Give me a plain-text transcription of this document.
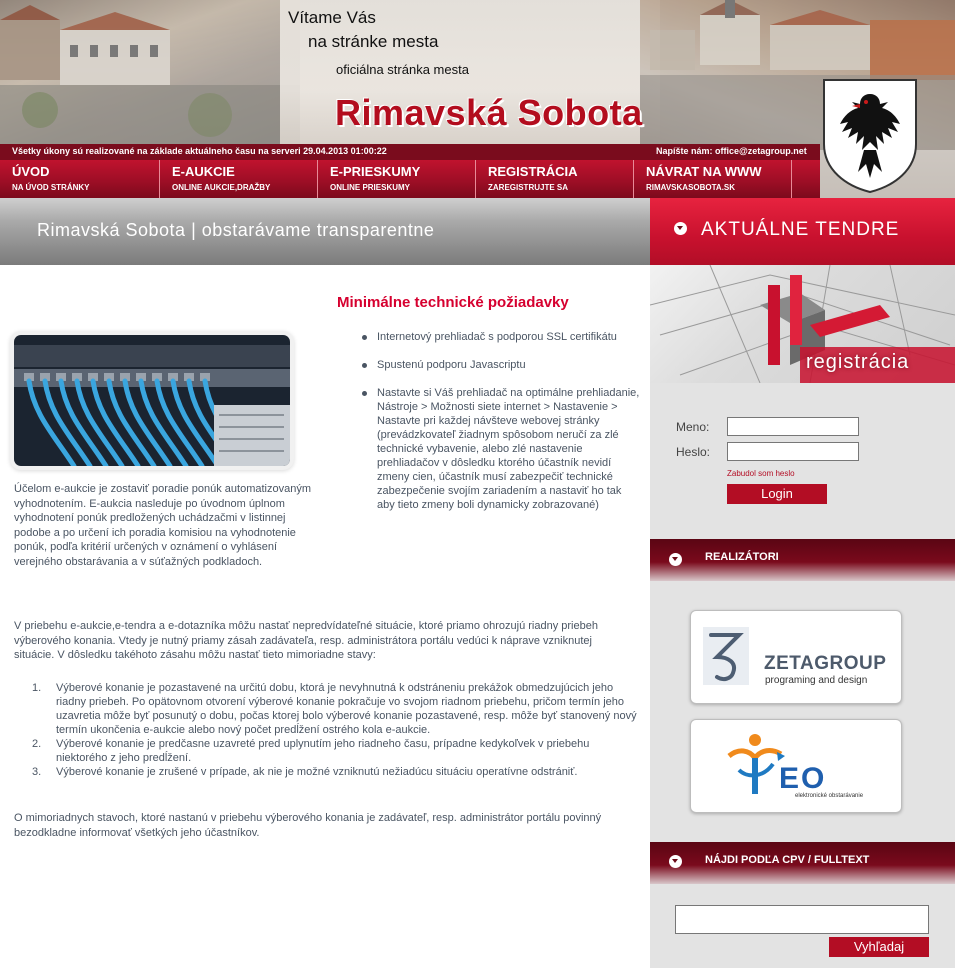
Vítame Vás
na stránke mesta
oficiálna stránka mesta
Rimavská Sobota
Všetky úkony sú realizované na základe aktuálneho času na serveri 29.04.2013 01:00:22	Napíšte nám: office@zetagroup.net
ÚVOD
NA ÚVOD STRÁNKY
E-AUKCIE
ONLINE AUKCIE,DRAŽBY
E-PRIESKUMY
ONLINE PRIESKUMY
REGISTRÁCIA
ZAREGISTRUJTE SA
NÁVRAT NA WWW
RIMAVSKASOBOTA.SK
Rimavská Sobota | obstarávame transparentne	AKTUÁLNE TENDRE
registrácia
Meno:
Heslo:
Zabudol som heslo
Login
REALIZÁTORI
ZETAGROUP
programing and design
EO
elektronické obstarávanie
NÁJDI PODĽA CPV / FULLTEXT
Vyhľadaj
Účelom e-aukcie je zostaviť poradie ponúk automatizovaným vyhodnotením. E-aukcia nasleduje po úvodnom úplnom vyhodnotení ponúk predložených uchádzačmi v listinnej podobe a po určení ich poradia komisiou na vyhodnotenie ponúk, podľa kritérií určených v oznámení o vyhlásení verejného obstarávania a v súťažných podkladoch.
Minimálne technické požiadavky
Internetový prehliadač s podporou SSL certifikátu
Spustenú podporu Javascriptu
Nastavte si Váš prehliadač na optimálne prehliadanie, Nástroje > Možnosti siete internet > Nastavenie > Nastavte pri každej návšteve webovej stránky (prevádzkovateľ žiadnym spôsobom neručí za zlé technické vybavenie, alebo zlé nastavenie prehliadačov v dôsledku ktorého účastník nevidí zmeny cien, účastník musí zabezpečiť technické zabezpečenie svojím zariadením a nastaviť ho tak aby tieto zmeny boli dynamicky zobrazované)
V priebehu e-aukcie,e-tendra a e-dotazníka môžu nastať nepredvídateľné situácie, ktoré priamo ohrozujú riadny priebeh výberového konania. Vtedy je nutný priamy zásah zadávateľa, resp. administrátora portálu vedúci k náprave vzniknutej situácie. V dôsledku takéhoto zásahu môžu nastať tieto mimoriadne stavy:
1. Výberové konanie je pozastavené na určitú dobu, ktorá je nevyhnutná k odstráneniu prekážok obmedzujúcich jeho riadny priebeh. Po opätovnom otvorení výberové konanie pokračuje vo svojom riadnom priebehu, pričom termín jeho uzavretia môže byť posunutý o dobu, počas ktorej bolo výberové konanie pozastavené, resp. môže byť stanovený nový termín ukončenia e-aukcie alebo nový počet predĺžení ostrého kola e-aukcie.
2. Výberové konanie je predčasne uzavreté pred uplynutím jeho riadneho času, prípadne kedykoľvek v priebehu niektorého z jeho predĺžení.
3. Výberové konanie je zrušené v prípade, ak nie je možné vzniknutú nežiadúcu situáciu operatívne odstrániť.
O mimoriadnych stavoch, ktoré nastanú v priebehu výberového konania je zadávateľ, resp. administrátor portálu povinný bezodkladne informovať všetkých jeho účastníkov.
